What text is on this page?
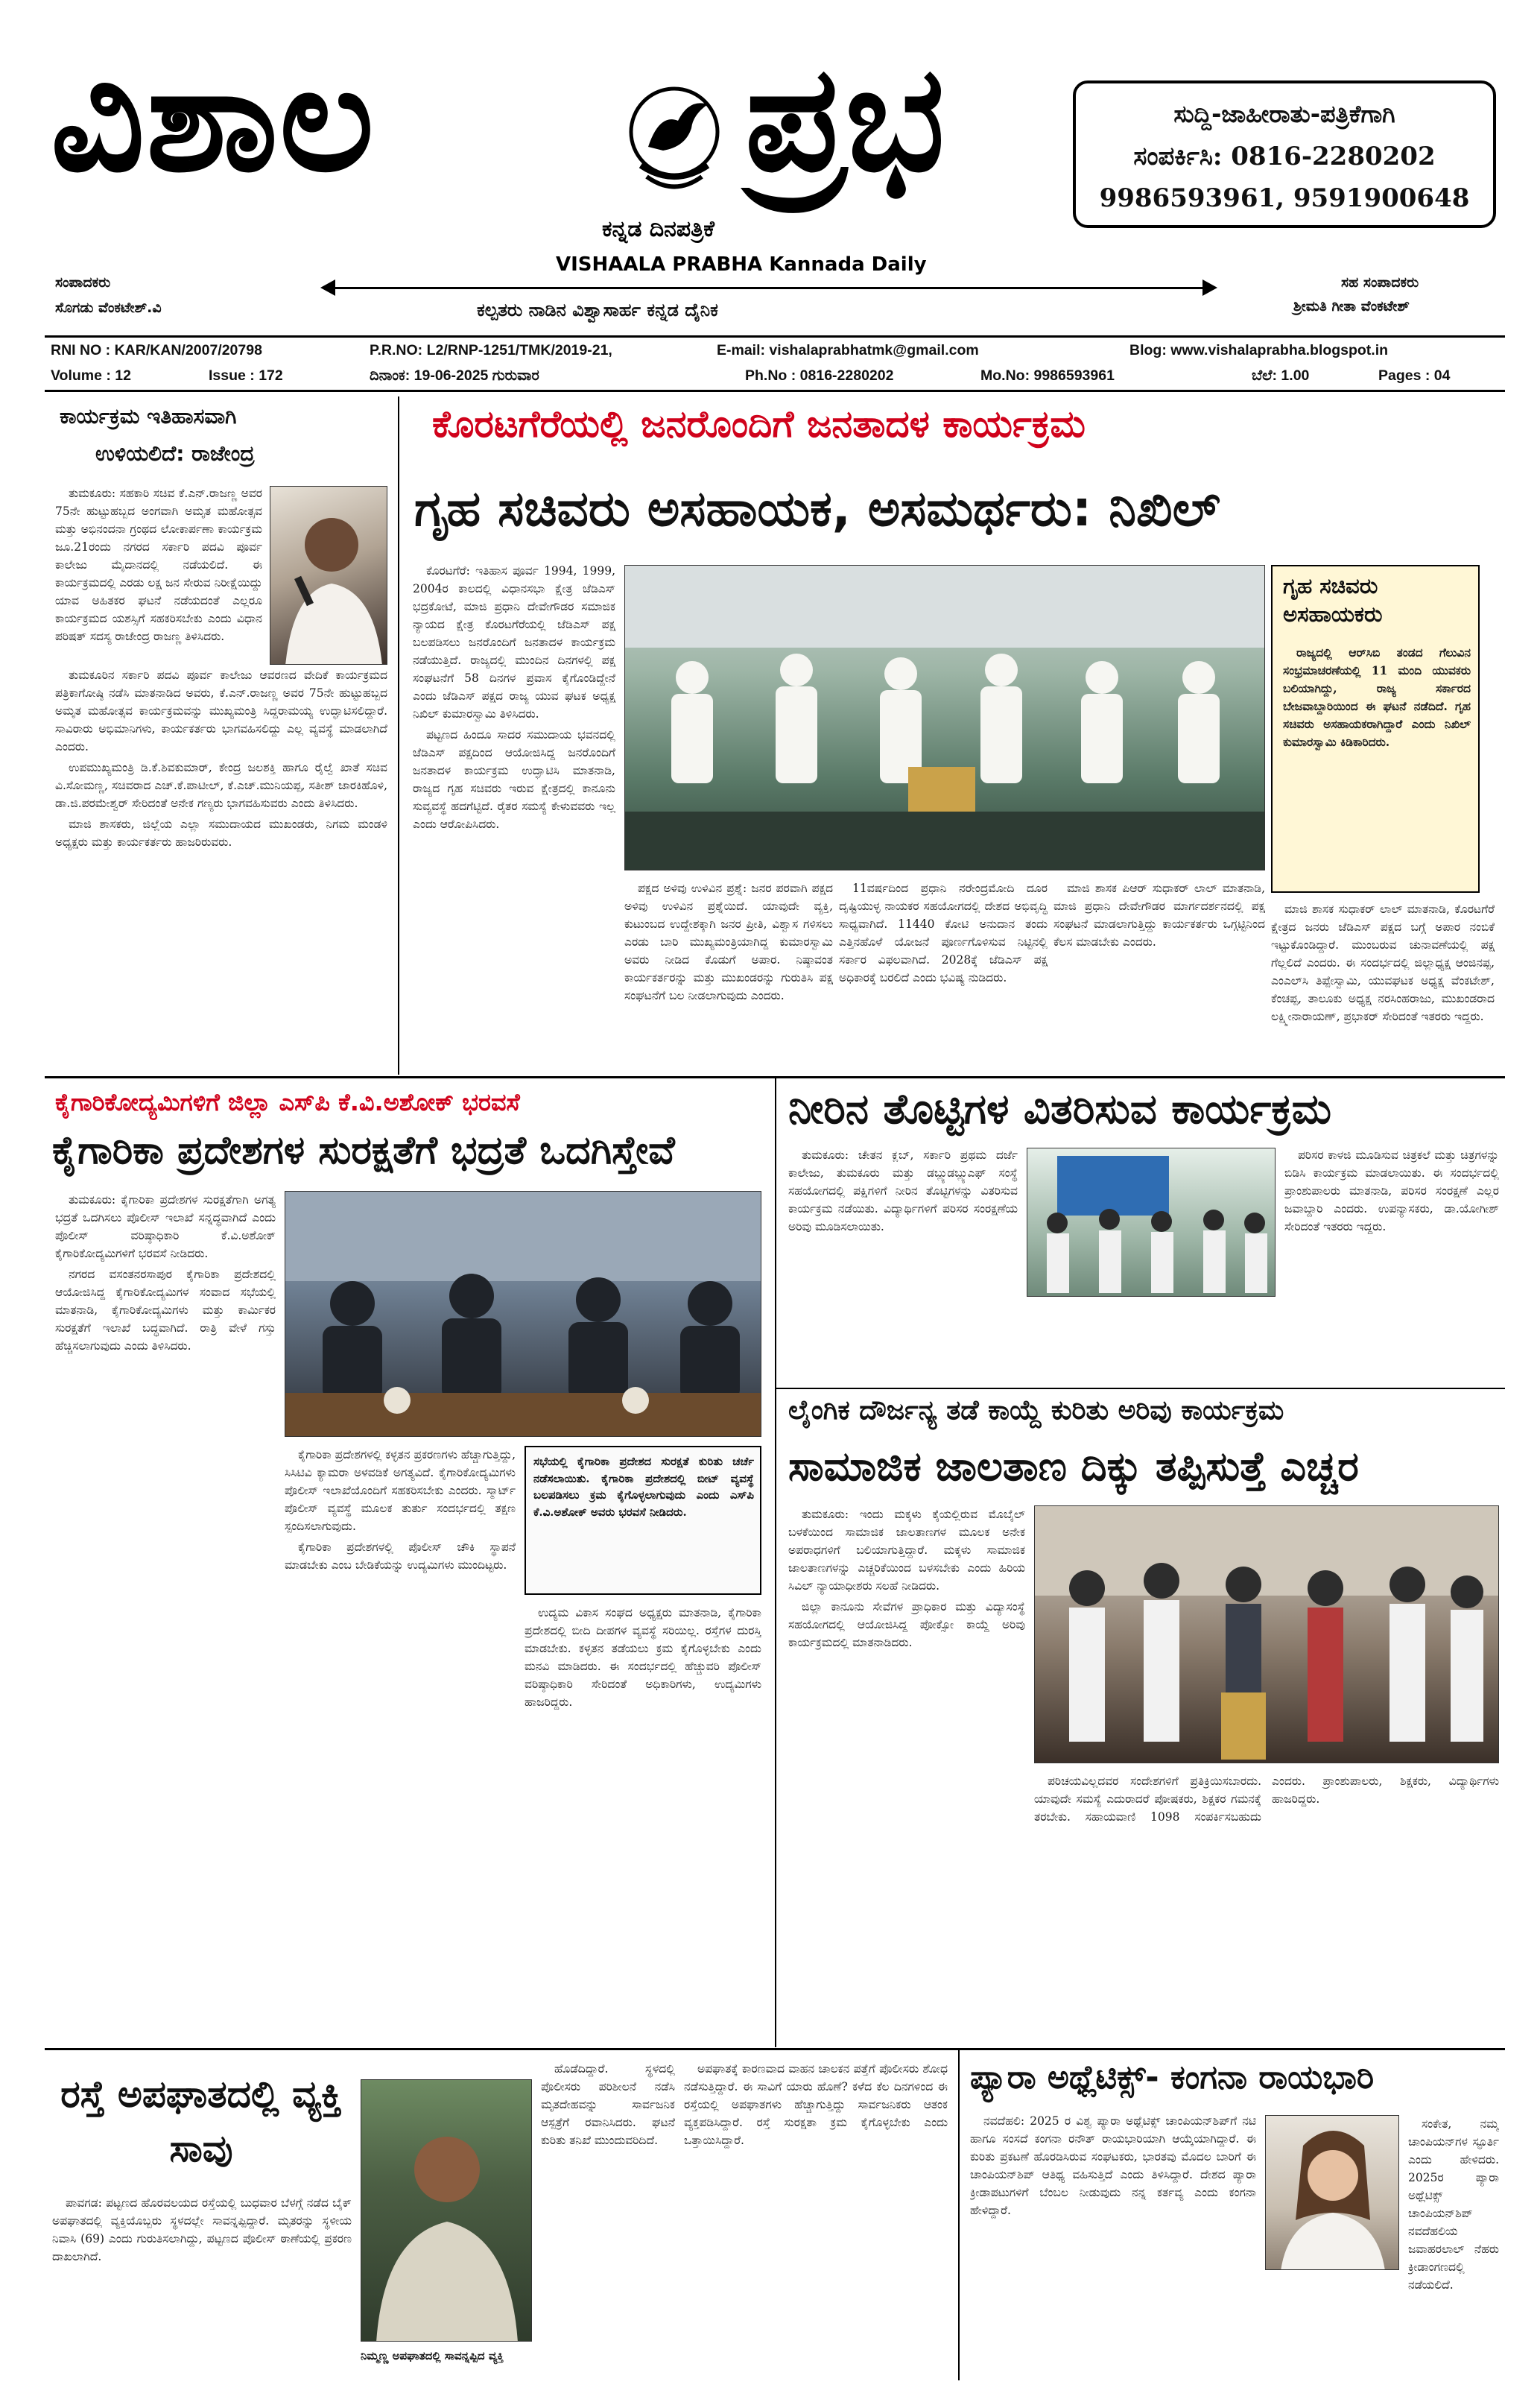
ವಿಶಾಲ	ಪ್ರಭ
ಕನ್ನಡ ದಿನಪತ್ರಿಕೆ
VISHAALA PRABHA Kannada Daily
ಸುದ್ದಿ-ಜಾಹೀರಾತು-ಪತ್ರಿಕೆಗಾಗಿ
ಸಂಪರ್ಕಿಸಿ: 0816-2280202
9986593961, 9591900648
ಸಂಪಾದಕರು
ಸೊಗಡು ವೆಂಕಟೇಶ್.ವಿ
ಸಹ ಸಂಪಾದಕರು
ಶ್ರೀಮತಿ ಗೀತಾ ವೆಂಕಟೇಶ್
ಕಲ್ಪತರು ನಾಡಿನ ವಿಶ್ವಾಸಾರ್ಹ ಕನ್ನಡ ದೈನಿಕ
RNI NO : KAR/KAN/2007/20798	P.R.NO: L2/RNP-1251/TMK/2019-21,	E-mail: vishalaprabhatmk@gmail.com	Blog: www.vishalaprabha.blogspot.in
Volume : 12	Issue : 172	ದಿನಾಂಕ: 19-06-2025 ಗುರುವಾರ	Ph.No : 0816-2280202	Mo.No: 9986593961	ಬೆಲೆ: 1.00	Pages : 04
ಕಾರ್ಯಕ್ರಮ ಇತಿಹಾಸವಾಗಿ
ಉಳಿಯಲಿದೆ: ರಾಜೇಂದ್ರ

ತುಮಕೂರು: ಸಹಕಾರಿ ಸಚಿವ ಕೆ.ಎನ್.ರಾಜಣ್ಣ ಅವರ 75ನೇ ಹುಟ್ಟುಹಬ್ಬದ ಅಂಗವಾಗಿ ಅಮೃತ ಮಹೋತ್ಸವ ಮತ್ತು ಅಭಿನಂದನಾ ಗ್ರಂಥದ ಲೋಕಾರ್ಪಣಾ ಕಾರ್ಯಕ್ರಮ ಜೂ.21ರಂದು ನಗರದ ಸರ್ಕಾರಿ ಪದವಿ ಪೂರ್ವ ಕಾಲೇಜು ಮೈದಾನದಲ್ಲಿ ನಡೆಯಲಿದೆ. ಈ ಕಾರ್ಯಕ್ರಮದಲ್ಲಿ ಎರಡು ಲಕ್ಷ ಜನ ಸೇರುವ ನಿರೀಕ್ಷೆಯಿದ್ದು ಯಾವ ಅಹಿತಕರ ಘಟನೆ ನಡೆಯದಂತೆ ಎಲ್ಲರೂ ಕಾರ್ಯಕ್ರಮದ ಯಶಸ್ಸಿಗೆ ಸಹಕರಿಸಬೇಕು ಎಂದು ವಿಧಾನ ಪರಿಷತ್ ಸದಸ್ಯ ರಾಜೇಂದ್ರ ರಾಜಣ್ಣ ತಿಳಿಸಿದರು.

ತುಮಕೂರಿನ ಸರ್ಕಾರಿ ಪದವಿ ಪೂರ್ವ ಕಾಲೇಜು ಆವರಣದ ವೇದಿಕೆ ಕಾರ್ಯಕ್ರಮದ ಪತ್ರಿಕಾಗೋಷ್ಠಿ ನಡೆಸಿ ಮಾತನಾಡಿದ ಅವರು, ಕೆ.ಎನ್.ರಾಜಣ್ಣ ಅವರ 75ನೇ ಹುಟ್ಟುಹಬ್ಬದ ಅಮೃತ ಮಹೋತ್ಸವ ಕಾರ್ಯಕ್ರಮವನ್ನು ಮುಖ್ಯಮಂತ್ರಿ ಸಿದ್ದರಾಮಯ್ಯ ಉದ್ಘಾಟಿಸಲಿದ್ದಾರೆ. ಸಾವಿರಾರು ಅಭಿಮಾನಿಗಳು, ಕಾರ್ಯಕರ್ತರು ಭಾಗವಹಿಸಲಿದ್ದು ಎಲ್ಲ ವ್ಯವಸ್ಥೆ ಮಾಡಲಾಗಿದೆ ಎಂದರು.

ಉಪಮುಖ್ಯಮಂತ್ರಿ ಡಿ.ಕೆ.ಶಿವಕುಮಾರ್, ಕೇಂದ್ರ ಜಲಶಕ್ತಿ ಹಾಗೂ ರೈಲ್ವೆ ಖಾತೆ ಸಚಿವ ವಿ.ಸೋಮಣ್ಣ, ಸಚಿವರಾದ ಎಚ್.ಕೆ.ಪಾಟೀಲ್, ಕೆ.ಎಚ್.ಮುನಿಯಪ್ಪ, ಸತೀಶ್ ಜಾರಕಿಹೊಳಿ, ಡಾ.ಜಿ.ಪರಮೇಶ್ವರ್ ಸೇರಿದಂತೆ ಅನೇಕ ಗಣ್ಯರು ಭಾಗವಹಿಸುವರು ಎಂದು ತಿಳಿಸಿದರು.

ಮಾಜಿ ಶಾಸಕರು, ಜಿಲ್ಲೆಯ ಎಲ್ಲಾ ಸಮುದಾಯದ ಮುಖಂಡರು, ನಿಗಮ ಮಂಡಳಿ ಅಧ್ಯಕ್ಷರು ಮತ್ತು ಕಾರ್ಯಕರ್ತರು ಹಾಜರಿರುವರು.

ಕೊರಟಗೆರೆಯಲ್ಲಿ ಜನರೊಂದಿಗೆ ಜನತಾದಳ ಕಾರ್ಯಕ್ರಮ
ಗೃಹ ಸಚಿವರು ಅಸಹಾಯಕ, ಅಸಮರ್ಥರು: ನಿಖಿಲ್

ಕೊರಟಗೆರೆ: ಇತಿಹಾಸ ಪೂರ್ವ 1994, 1999, 2004ರ ಕಾಲದಲ್ಲಿ ವಿಧಾನಸಭಾ ಕ್ಷೇತ್ರ ಜೆಡಿಎಸ್ ಭದ್ರಕೋಟೆ, ಮಾಜಿ ಪ್ರಧಾನಿ ದೇವೇಗೌಡರ ಸಮಾಜಿಕ ನ್ಯಾಯದ ಕ್ಷೇತ್ರ ಕೊರಟಗೆರೆಯಲ್ಲಿ ಜೆಡಿಎಸ್ ಪಕ್ಷ ಬಲಪಡಿಸಲು ಜನರೊಂದಿಗೆ ಜನತಾದಳ ಕಾರ್ಯಕ್ರಮ ನಡೆಯುತ್ತಿದೆ. ರಾಜ್ಯದಲ್ಲಿ ಮುಂದಿನ ದಿನಗಳಲ್ಲಿ ಪಕ್ಷ ಸಂಘಟನೆಗೆ 58 ದಿನಗಳ ಪ್ರವಾಸ ಕೈಗೊಂಡಿದ್ದೇನೆ ಎಂದು ಜೆಡಿಎಸ್ ಪಕ್ಷದ ರಾಜ್ಯ ಯುವ ಘಟಕ ಅಧ್ಯಕ್ಷ ನಿಖಿಲ್ ಕುಮಾರಸ್ವಾಮಿ ತಿಳಿಸಿದರು.

ಪಟ್ಟಣದ ಹಿಂದೂ ಸಾದರ ಸಮುದಾಯ ಭವನದಲ್ಲಿ ಜೆಡಿಎಸ್ ಪಕ್ಷದಿಂದ ಆಯೋಜಿಸಿದ್ದ ಜನರೊಂದಿಗೆ ಜನತಾದಳ ಕಾರ್ಯಕ್ರಮ ಉದ್ಘಾಟಿಸಿ ಮಾತನಾಡಿ, ರಾಜ್ಯದ ಗೃಹ ಸಚಿವರು ಇರುವ ಕ್ಷೇತ್ರದಲ್ಲಿ ಕಾನೂನು ಸುವ್ಯವಸ್ಥೆ ಹದಗೆಟ್ಟಿದೆ. ರೈತರ ಸಮಸ್ಯೆ ಕೇಳುವವರು ಇಲ್ಲ ಎಂದು ಆರೋಪಿಸಿದರು.

ಪಕ್ಷದ ಅಳಿವು ಉಳಿವಿನ ಪ್ರಶ್ನೆ: ಜನರ ಪರವಾಗಿ ಪಕ್ಷದ ಅಳಿವು ಉಳಿವಿನ ಪ್ರಶ್ನೆಯಿದೆ. ಯಾವುದೇ ವ್ಯಕ್ತಿ, ಕುಟುಂಬದ ಉದ್ದೇಶಕ್ಕಾಗಿ ಜನರ ಪ್ರೀತಿ, ವಿಶ್ವಾಸ ಗಳಿಸಲು ಎರಡು ಬಾರಿ ಮುಖ್ಯಮಂತ್ರಿಯಾಗಿದ್ದ ಕುಮಾರಸ್ವಾಮಿ ಅವರು ನೀಡಿದ ಕೊಡುಗೆ ಅಪಾರ. ನಿಷ್ಠಾವಂತ ಕಾರ್ಯಕರ್ತರನ್ನು ಮತ್ತು ಮುಖಂಡರನ್ನು ಗುರುತಿಸಿ ಪಕ್ಷ ಸಂಘಟನೆಗೆ ಬಲ ನೀಡಲಾಗುವುದು ಎಂದರು.

11ವರ್ಷದಿಂದ ಪ್ರಧಾನಿ ನರೇಂದ್ರಮೋದಿ ದೂರ ದೃಷ್ಟಿಯುಳ್ಳ ನಾಯಕರ ಸಹಯೋಗದಲ್ಲಿ ದೇಶದ ಅಭಿವೃದ್ಧಿ ಸಾಧ್ಯವಾಗಿದೆ. 11440 ಕೋಟಿ ಅನುದಾನ ತಂದು ಎತ್ತಿನಹೊಳೆ ಯೋಜನೆ ಪೂರ್ಣಗೊಳಿಸುವ ನಿಟ್ಟಿನಲ್ಲಿ ಸರ್ಕಾರ ವಿಫಲವಾಗಿದೆ. 2028ಕ್ಕೆ ಜೆಡಿಎಸ್ ಪಕ್ಷ ಅಧಿಕಾರಕ್ಕೆ ಬರಲಿದೆ ಎಂದು ಭವಿಷ್ಯ ನುಡಿದರು.

ಮಾಜಿ ಶಾಸಕ ಪಿಆರ್ ಸುಧಾಕರ್ ಲಾಲ್ ಮಾತನಾಡಿ, ಮಾಜಿ ಪ್ರಧಾನಿ ದೇವೇಗೌಡರ ಮಾರ್ಗದರ್ಶನದಲ್ಲಿ ಪಕ್ಷ ಸಂಘಟನೆ ಮಾಡಲಾಗುತ್ತಿದ್ದು ಕಾರ್ಯಕರ್ತರು ಒಗ್ಗಟ್ಟಿನಿಂದ ಕೆಲಸ ಮಾಡಬೇಕು ಎಂದರು.

ಗೃಹ ಸಚಿವರು ಅಸಹಾಯಕರು

ರಾಜ್ಯದಲ್ಲಿ ಆರ್‌ಸಿಬಿ ತಂಡದ ಗೆಲುವಿನ ಸಂಭ್ರಮಾಚರಣೆಯಲ್ಲಿ 11 ಮಂದಿ ಯುವಕರು ಬಲಿಯಾಗಿದ್ದು, ರಾಜ್ಯ ಸರ್ಕಾರದ ಬೇಜವಾಬ್ದಾರಿಯಿಂದ ಈ ಘಟನೆ ನಡೆದಿದೆ. ಗೃಹ ಸಚಿವರು ಅಸಹಾಯಕರಾಗಿದ್ದಾರೆ ಎಂದು ನಿಖಿಲ್ ಕುಮಾರಸ್ವಾಮಿ ಕಿಡಿಕಾರಿದರು.

ಮಾಜಿ ಶಾಸಕ ಸುಧಾಕರ್ ಲಾಲ್ ಮಾತನಾಡಿ, ಕೊರಟಗೆರೆ ಕ್ಷೇತ್ರದ ಜನರು ಜೆಡಿಎಸ್ ಪಕ್ಷದ ಬಗ್ಗೆ ಅಪಾರ ನಂಬಿಕೆ ಇಟ್ಟುಕೊಂಡಿದ್ದಾರೆ. ಮುಂಬರುವ ಚುನಾವಣೆಯಲ್ಲಿ ಪಕ್ಷ ಗೆಲ್ಲಲಿದೆ ಎಂದರು. ಈ ಸಂದರ್ಭದಲ್ಲಿ ಜಿಲ್ಲಾಧ್ಯಕ್ಷ ಆಂಜಿನಪ್ಪ, ಎಂಎಲ್‌ಸಿ ತಿಪ್ಪೇಸ್ವಾಮಿ, ಯುವಘಟಕ ಅಧ್ಯಕ್ಷ ವೆಂಕಟೇಶ್, ಕೆಂಚಪ್ಪ, ತಾಲೂಕು ಅಧ್ಯಕ್ಷ ನರಸಿಂಹರಾಜು, ಮುಖಂಡರಾದ ಲಕ್ಷ್ಮೀನಾರಾಯಣ್, ಪ್ರಭಾಕರ್ ಸೇರಿದಂತೆ ಇತರರು ಇದ್ದರು.

ಕೈಗಾರಿಕೋದ್ಯಮಿಗಳಿಗೆ ಜಿಲ್ಲಾ ಎಸ್‌ಪಿ ಕೆ.ವಿ.ಅಶೋಕ್ ಭರವಸೆ
ಕೈಗಾರಿಕಾ ಪ್ರದೇಶಗಳ ಸುರಕ್ಷತೆಗೆ ಭದ್ರತೆ ಒದಗಿಸ್ತೇವೆ

ತುಮಕೂರು: ಕೈಗಾರಿಕಾ ಪ್ರದೇಶಗಳ ಸುರಕ್ಷತೆಗಾಗಿ ಅಗತ್ಯ ಭದ್ರತೆ ಒದಗಿಸಲು ಪೊಲೀಸ್ ಇಲಾಖೆ ಸನ್ನದ್ಧವಾಗಿದೆ ಎಂದು ಪೊಲೀಸ್ ವರಿಷ್ಠಾಧಿಕಾರಿ ಕೆ.ವಿ.ಅಶೋಕ್ ಕೈಗಾರಿಕೋದ್ಯಮಿಗಳಿಗೆ ಭರವಸೆ ನೀಡಿದರು.

ನಗರದ ವಸಂತನರಸಾಪುರ ಕೈಗಾರಿಕಾ ಪ್ರದೇಶದಲ್ಲಿ ಆಯೋಜಿಸಿದ್ದ ಕೈಗಾರಿಕೋದ್ಯಮಿಗಳ ಸಂವಾದ ಸಭೆಯಲ್ಲಿ ಮಾತನಾಡಿ, ಕೈಗಾರಿಕೋದ್ಯಮಿಗಳು ಮತ್ತು ಕಾರ್ಮಿಕರ ಸುರಕ್ಷತೆಗೆ ಇಲಾಖೆ ಬದ್ಧವಾಗಿದೆ. ರಾತ್ರಿ ವೇಳೆ ಗಸ್ತು ಹೆಚ್ಚಿಸಲಾಗುವುದು ಎಂದು ತಿಳಿಸಿದರು.

ಕೈಗಾರಿಕಾ ಪ್ರದೇಶಗಳಲ್ಲಿ ಕಳ್ಳತನ ಪ್ರಕರಣಗಳು ಹೆಚ್ಚಾಗುತ್ತಿದ್ದು, ಸಿಸಿಟಿವಿ ಕ್ಯಾಮರಾ ಅಳವಡಿಕೆ ಅಗತ್ಯವಿದೆ. ಕೈಗಾರಿಕೋದ್ಯಮಿಗಳು ಪೊಲೀಸ್ ಇಲಾಖೆಯೊಂದಿಗೆ ಸಹಕರಿಸಬೇಕು ಎಂದರು. ಸ್ಮಾರ್ಟ್ ಪೊಲೀಸ್ ವ್ಯವಸ್ಥೆ ಮೂಲಕ ತುರ್ತು ಸಂದರ್ಭದಲ್ಲಿ ತಕ್ಷಣ ಸ್ಪಂದಿಸಲಾಗುವುದು.

ಕೈಗಾರಿಕಾ ಪ್ರದೇಶಗಳಲ್ಲಿ ಪೊಲೀಸ್ ಚೌಕಿ ಸ್ಥಾಪನೆ ಮಾಡಬೇಕು ಎಂಬ ಬೇಡಿಕೆಯನ್ನು ಉದ್ಯಮಿಗಳು ಮುಂದಿಟ್ಟರು.

ಸಭೆಯಲ್ಲಿ ಕೈಗಾರಿಕಾ ಪ್ರದೇಶದ ಸುರಕ್ಷತೆ ಕುರಿತು ಚರ್ಚೆ ನಡೆಸಲಾಯಿತು. ಕೈಗಾರಿಕಾ ಪ್ರದೇಶದಲ್ಲಿ ಬೀಟ್ ವ್ಯವಸ್ಥೆ ಬಲಪಡಿಸಲು ಕ್ರಮ ಕೈಗೊಳ್ಳಲಾಗುವುದು ಎಂದು ಎಸ್‌ಪಿ ಕೆ.ವಿ.ಅಶೋಕ್ ಅವರು ಭರವಸೆ ನೀಡಿದರು.

ಉದ್ಯಮ ವಿಕಾಸ ಸಂಘದ ಅಧ್ಯಕ್ಷರು ಮಾತನಾಡಿ, ಕೈಗಾರಿಕಾ ಪ್ರದೇಶದಲ್ಲಿ ಬೀದಿ ದೀಪಗಳ ವ್ಯವಸ್ಥೆ ಸರಿಯಿಲ್ಲ. ರಸ್ತೆಗಳ ದುರಸ್ತಿ ಮಾಡಬೇಕು. ಕಳ್ಳತನ ತಡೆಯಲು ಕ್ರಮ ಕೈಗೊಳ್ಳಬೇಕು ಎಂದು ಮನವಿ ಮಾಡಿದರು. ಈ ಸಂದರ್ಭದಲ್ಲಿ ಹೆಚ್ಚುವರಿ ಪೊಲೀಸ್ ವರಿಷ್ಠಾಧಿಕಾರಿ ಸೇರಿದಂತೆ ಅಧಿಕಾರಿಗಳು, ಉದ್ಯಮಿಗಳು ಹಾಜರಿದ್ದರು.

ನೀರಿನ ತೊಟ್ಟಿಗಳ ವಿತರಿಸುವ ಕಾರ್ಯಕ್ರಮ

ತುಮಕೂರು: ಚೇತನ ಕ್ಲಬ್, ಸರ್ಕಾರಿ ಪ್ರಥಮ ದರ್ಜೆ ಕಾಲೇಜು, ತುಮಕೂರು ಮತ್ತು ಡಬ್ಲ್ಯುಡಬ್ಲ್ಯುಎಫ್ ಸಂಸ್ಥೆ ಸಹಯೋಗದಲ್ಲಿ ಪಕ್ಷಿಗಳಿಗೆ ನೀರಿನ ತೊಟ್ಟಿಗಳನ್ನು ವಿತರಿಸುವ ಕಾರ್ಯಕ್ರಮ ನಡೆಯಿತು. ವಿದ್ಯಾರ್ಥಿಗಳಿಗೆ ಪರಿಸರ ಸಂರಕ್ಷಣೆಯ ಅರಿವು ಮೂಡಿಸಲಾಯಿತು.

ಪರಿಸರ ಕಾಳಜಿ ಮೂಡಿಸುವ ಚಿತ್ರಕಲೆ ಮತ್ತು ಚಿತ್ರಗಳನ್ನು ಬಿಡಿಸಿ ಕಾರ್ಯಕ್ರಮ ಮಾಡಲಾಯಿತು. ಈ ಸಂದರ್ಭದಲ್ಲಿ ಪ್ರಾಂಶುಪಾಲರು ಮಾತನಾಡಿ, ಪರಿಸರ ಸಂರಕ್ಷಣೆ ಎಲ್ಲರ ಜವಾಬ್ದಾರಿ ಎಂದರು. ಉಪನ್ಯಾಸಕರು, ಡಾ.ಯೋಗೀಶ್ ಸೇರಿದಂತೆ ಇತರರು ಇದ್ದರು.

ಲೈಂಗಿಕ ದೌರ್ಜನ್ಯ ತಡೆ ಕಾಯ್ದೆ ಕುರಿತು ಅರಿವು ಕಾರ್ಯಕ್ರಮ
ಸಾಮಾಜಿಕ ಜಾಲತಾಣ ದಿಕ್ಕು ತಪ್ಪಿಸುತ್ತೆ ಎಚ್ಚರ

ತುಮಕೂರು: ಇಂದು ಮಕ್ಕಳು ಕೈಯಲ್ಲಿರುವ ಮೊಬೈಲ್ ಬಳಕೆಯಿಂದ ಸಾಮಾಜಿಕ ಜಾಲತಾಣಗಳ ಮೂಲಕ ಅನೇಕ ಅಪರಾಧಗಳಿಗೆ ಬಲಿಯಾಗುತ್ತಿದ್ದಾರೆ. ಮಕ್ಕಳು ಸಾಮಾಜಿಕ ಜಾಲತಾಣಗಳನ್ನು ಎಚ್ಚರಿಕೆಯಿಂದ ಬಳಸಬೇಕು ಎಂದು ಹಿರಿಯ ಸಿವಿಲ್ ನ್ಯಾಯಾಧೀಶರು ಸಲಹೆ ನೀಡಿದರು.

ಜಿಲ್ಲಾ ಕಾನೂನು ಸೇವೆಗಳ ಪ್ರಾಧಿಕಾರ ಮತ್ತು ವಿದ್ಯಾಸಂಸ್ಥೆ ಸಹಯೋಗದಲ್ಲಿ ಆಯೋಜಿಸಿದ್ದ ಪೋಕ್ಸೋ ಕಾಯ್ದೆ ಅರಿವು ಕಾರ್ಯಕ್ರಮದಲ್ಲಿ ಮಾತನಾಡಿದರು.

ಪರಿಚಯವಿಲ್ಲದವರ ಸಂದೇಶಗಳಿಗೆ ಪ್ರತಿಕ್ರಿಯಿಸಬಾರದು. ಯಾವುದೇ ಸಮಸ್ಯೆ ಎದುರಾದರೆ ಪೋಷಕರು, ಶಿಕ್ಷಕರ ಗಮನಕ್ಕೆ ತರಬೇಕು. ಸಹಾಯವಾಣಿ 1098 ಸಂಪರ್ಕಿಸಬಹುದು ಎಂದರು. ಪ್ರಾಂಶುಪಾಲರು, ಶಿಕ್ಷಕರು, ವಿದ್ಯಾರ್ಥಿಗಳು ಹಾಜರಿದ್ದರು.

ರಸ್ತೆ ಅಪಘಾತದಲ್ಲಿ ವ್ಯಕ್ತಿ ಸಾವು

ಪಾವಗಡ: ಪಟ್ಟಣದ ಹೊರವಲಯದ ರಸ್ತೆಯಲ್ಲಿ ಬುಧವಾರ ಬೆಳಗ್ಗೆ ನಡೆದ ಬೈಕ್ ಅಪಘಾತದಲ್ಲಿ ವ್ಯಕ್ತಿಯೊಬ್ಬರು ಸ್ಥಳದಲ್ಲೇ ಸಾವನ್ನಪ್ಪಿದ್ದಾರೆ. ಮೃತರನ್ನು ಸ್ಥಳೀಯ ನಿವಾಸಿ (69) ಎಂದು ಗುರುತಿಸಲಾಗಿದ್ದು, ಪಟ್ಟಣದ ಪೊಲೀಸ್ ಠಾಣೆಯಲ್ಲಿ ಪ್ರಕರಣ ದಾಖಲಾಗಿದೆ.

ಹೊಡೆದಿದ್ದಾರೆ. ಸ್ಥಳದಲ್ಲಿ ಪೊಲೀಸರು ಪರಿಶೀಲನೆ ನಡೆಸಿ ಮೃತದೇಹವನ್ನು ಸಾರ್ವಜನಿಕ ಆಸ್ಪತ್ರೆಗೆ ರವಾನಿಸಿದರು. ಘಟನೆ ಕುರಿತು ತನಿಖೆ ಮುಂದುವರಿದಿದೆ.

ನಿಮ್ಮಣ್ಣ ಅಪಘಾತದಲ್ಲಿ ಸಾವನ್ನಪ್ಪಿದ ವ್ಯಕ್ತಿ

ಅಪಘಾತಕ್ಕೆ ಕಾರಣವಾದ ವಾಹನ ಚಾಲಕನ ಪತ್ತೆಗೆ ಪೊಲೀಸರು ಶೋಧ ನಡೆಸುತ್ತಿದ್ದಾರೆ. ಈ ಸಾವಿಗೆ ಯಾರು ಹೊಣೆ? ಕಳೆದ ಕೆಲ ದಿನಗಳಿಂದ ಈ ರಸ್ತೆಯಲ್ಲಿ ಅಪಘಾತಗಳು ಹೆಚ್ಚಾಗುತ್ತಿದ್ದು ಸಾರ್ವಜನಿಕರು ಆತಂಕ ವ್ಯಕ್ತಪಡಿಸಿದ್ದಾರೆ. ರಸ್ತೆ ಸುರಕ್ಷತಾ ಕ್ರಮ ಕೈಗೊಳ್ಳಬೇಕು ಎಂದು ಒತ್ತಾಯಿಸಿದ್ದಾರೆ.

ಪ್ಯಾರಾ ಅಥ್ಲೆಟಿಕ್ಸ್- ಕಂಗನಾ ರಾಯಭಾರಿ

ನವದೆಹಲಿ: 2025 ರ ವಿಶ್ವ ಪ್ಯಾರಾ ಅಥ್ಲೆಟಿಕ್ಸ್ ಚಾಂಪಿಯನ್‌ಶಿಪ್‌ಗೆ ನಟಿ ಹಾಗೂ ಸಂಸದೆ ಕಂಗನಾ ರನೌತ್ ರಾಯಭಾರಿಯಾಗಿ ಆಯ್ಕೆಯಾಗಿದ್ದಾರೆ. ಈ ಕುರಿತು ಪ್ರಕಟಣೆ ಹೊರಡಿಸಿರುವ ಸಂಘಟಕರು, ಭಾರತವು ಮೊದಲ ಬಾರಿಗೆ ಈ ಚಾಂಪಿಯನ್‌ಶಿಪ್ ಆತಿಥ್ಯ ವಹಿಸುತ್ತಿದೆ ಎಂದು ತಿಳಿಸಿದ್ದಾರೆ. ದೇಶದ ಪ್ಯಾರಾ ಕ್ರೀಡಾಪಟುಗಳಿಗೆ ಬೆಂಬಲ ನೀಡುವುದು ನನ್ನ ಕರ್ತವ್ಯ ಎಂದು ಕಂಗನಾ ಹೇಳಿದ್ದಾರೆ.

ಸಂಕೇತ, ನಮ್ಮ ಚಾಂಪಿಯನ್‌ಗಳ ಸ್ಫೂರ್ತಿ ಎಂದು ಹೇಳಿದರು. 2025ರ ಪ್ಯಾರಾ ಅಥ್ಲೆಟಿಕ್ಸ್ ಚಾಂಪಿಯನ್‌ಶಿಪ್ ನವದೆಹಲಿಯ ಜವಾಹರಲಾಲ್ ನೆಹರು ಕ್ರೀಡಾಂಗಣದಲ್ಲಿ ನಡೆಯಲಿದೆ.
